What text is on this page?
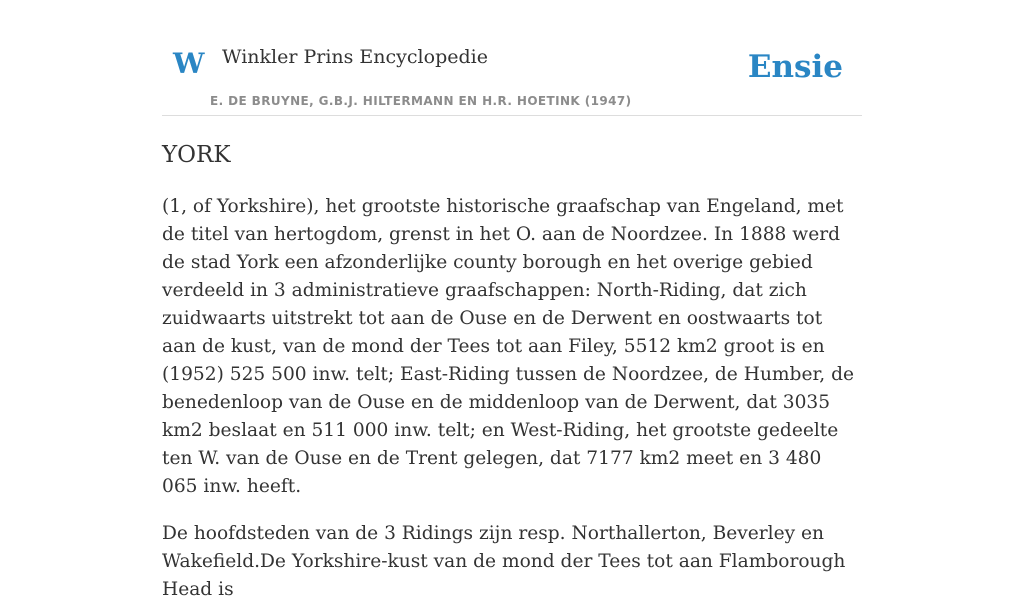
W Winkler Prins Encyclopedie
E. DE BRUYNE, G.B.J. HILTERMANN EN H.R. HOETINK (1947)
Ensie
YORK

(1, of Yorkshire), het grootste historische graafschap van Engeland, met de titel van hertogdom, grenst in het O. aan de Noordzee. In 1888 werd de stad York een afzonderlijke county borough en het overige gebied verdeeld in 3 administratieve graafschappen: North-Riding, dat zich zuidwaarts uitstrekt tot aan de Ouse en de Derwent en oostwaarts tot aan de kust, van de mond der Tees tot aan Filey, 5512 km2 groot is en (1952) 525 500 inw. telt; East-Riding tussen de Noordzee, de Humber, de benedenloop van de Ouse en de middenloop van de Derwent, dat 3035 km2 beslaat en 511 000 inw. telt; en West-Riding, het grootste gedeelte ten W. van de Ouse en de Trent gelegen, dat 7177 km2 meet en 3 480 065 inw. heeft.

De hoofdsteden van de 3 Ridings zijn resp. Northallerton, Beverley en Wakefield.De Yorkshire-kust van de mond der Tees tot aan Flamborough Head is
